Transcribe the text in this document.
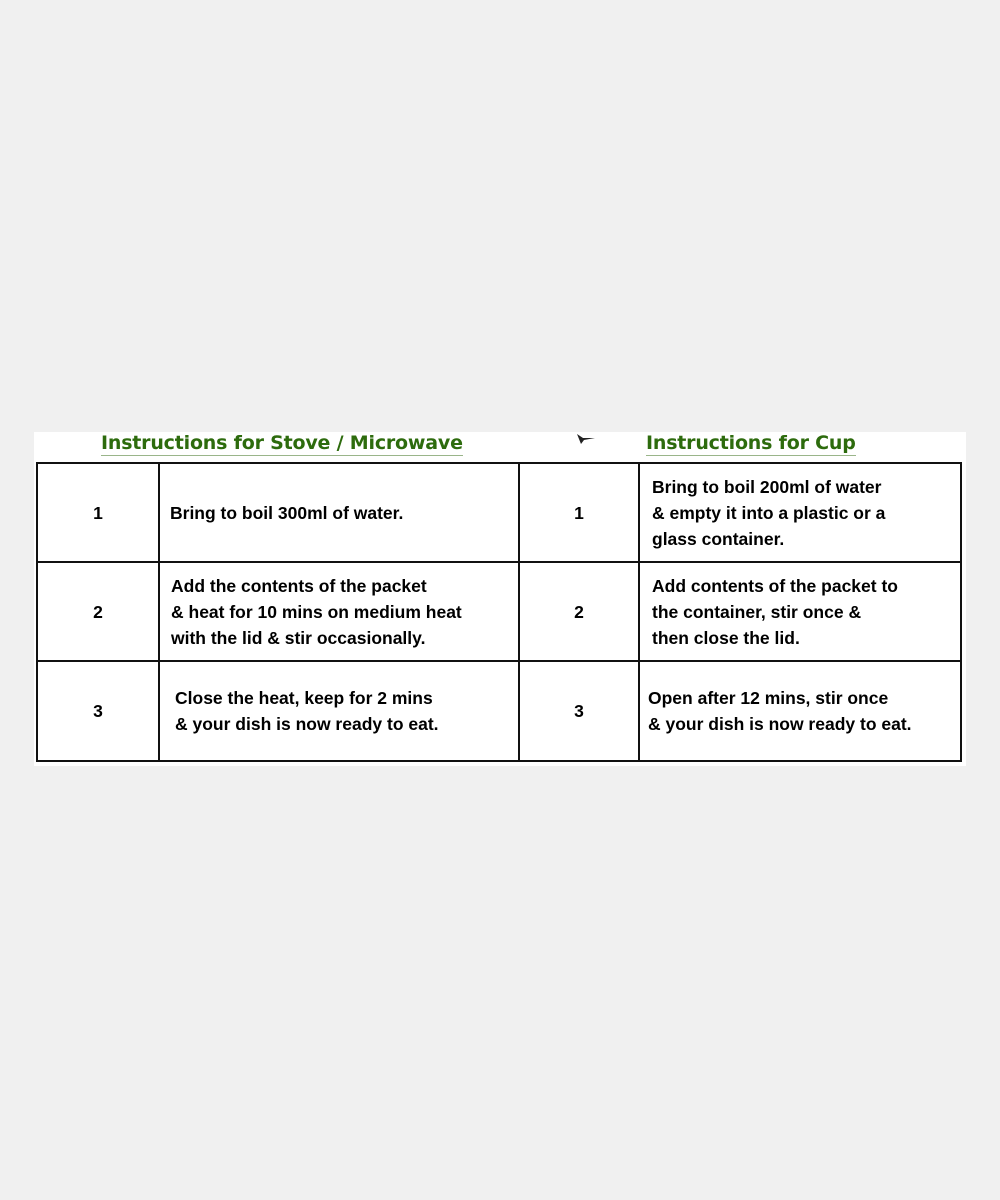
Instructions for Stove / Microwave	Instructions for Cup
1	Bring to boil 300ml of water.	1	Bring to boil 200ml of water
& empty it into a plastic or a
glass container.
2	Add the contents of the packet
& heat for 10 mins on medium heat
with the lid & stir occasionally.	2	Add contents of the packet to
the container, stir once &
then close the lid.
3	Close the heat, keep for 2 mins
& your dish is now ready to eat.	3	Open after 12 mins, stir once
& your dish is now ready to eat.
